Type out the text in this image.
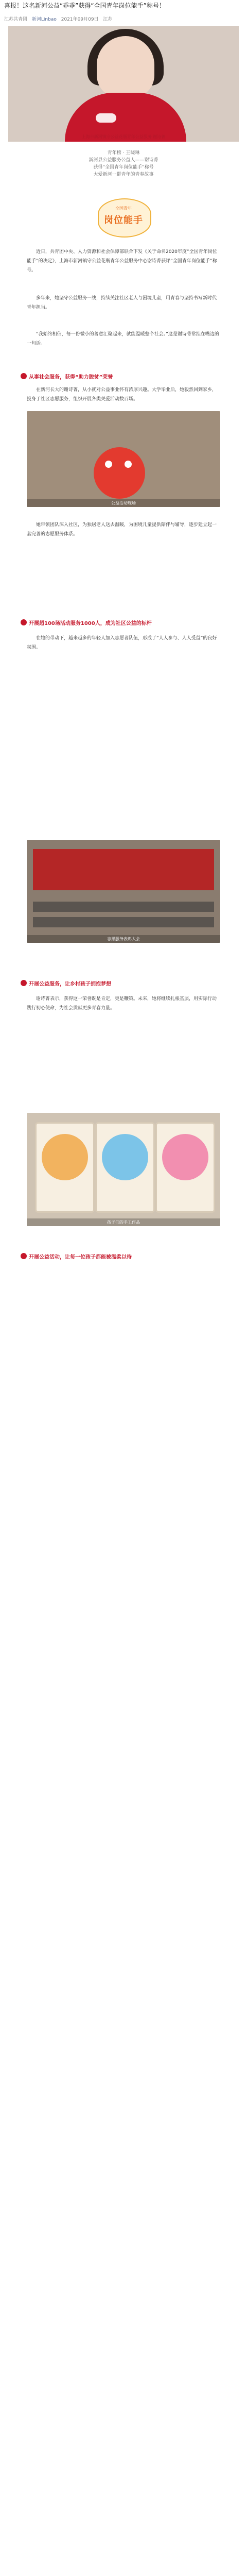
喜报！这名新河公益“乖乖”获得“全国青年岗位能手”称号！
江苏共青团 新河Linbao 2021年09月09日 江苏
上海市新河镇守公益花瓶青年公益服务 谢诗菁
青年榜 · 王晓琳
新河县公益服务公益人——谢诗菁
获得“全国青年岗位能手”称号
大爱新河一群青年的青春故事
全国青年
岗位能手
近日，共青团中央、人力资源和社会保障部联合下发《关于命名2020年度“全国青年岗位能手”的决定》，上海市新河镇守公益花瓶青年公益服务中心谢诗菁获评“全国青年岗位能手”称号。
多年来，她坚守公益服务一线，持续关注社区老人与困境儿童，用青春与坚持书写新时代青年担当。
“我始终相信，每一份微小的善意汇聚起来，就能温暖整个社会。”这是谢诗菁常挂在嘴边的一句话。
从事社会服务，获得“助力脱贫”荣誉
在新河长大的谢诗菁，从小就对公益事业怀有浓厚兴趣。大学毕业后，她毅然回到家乡，投身于社区志愿服务，组织开展各类关爱活动数百场。
公益活动现场
她带领团队深入社区，为独居老人送去温暖，为困境儿童提供陪伴与辅导，逐步建立起一套完善的志愿服务体系。
开展超100场活动服务1000人，成为社区公益的标杆
在她的带动下，越来越多的年轻人加入志愿者队伍，形成了“人人参与、人人受益”的良好氛围。
志愿服务表彰大会
开展公益服务，让乡村孩子拥抱梦想
谢诗菁表示，获得这一荣誉既是肯定，更是鞭策。未来，她将继续扎根基层，用实际行动践行初心使命，为社会贡献更多青春力量。
孩子们的手工作品
开展公益活动，让每一位孩子都能被温柔以待
